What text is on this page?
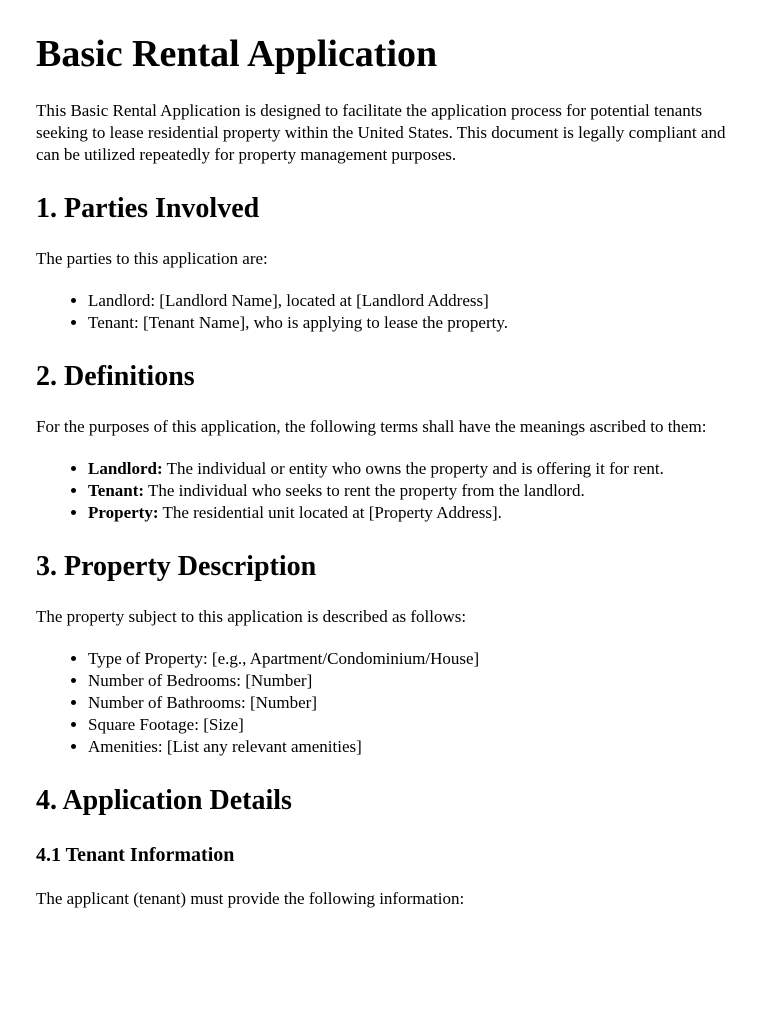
Basic Rental Application

This Basic Rental Application is designed to facilitate the application process for potential tenants seeking to lease residential property within the United States. This document is legally compliant and can be utilized repeatedly for property management purposes.

1. Parties Involved

The parties to this application are:

• Landlord: [Landlord Name], located at [Landlord Address]
• Tenant: [Tenant Name], who is applying to lease the property.
2. Definitions

For the purposes of this application, the following terms shall have the meanings ascribed to them:

• Landlord: The individual or entity who owns the property and is offering it for rent.
• Tenant: The individual who seeks to rent the property from the landlord.
• Property: The residential unit located at [Property Address].
3. Property Description

The property subject to this application is described as follows:

• Type of Property: [e.g., Apartment/Condominium/House]
• Number of Bedrooms: [Number]
• Number of Bathrooms: [Number]
• Square Footage: [Size]
• Amenities: [List any relevant amenities]
4. Application Details
4.1 Tenant Information

The applicant (tenant) must provide the following information:
